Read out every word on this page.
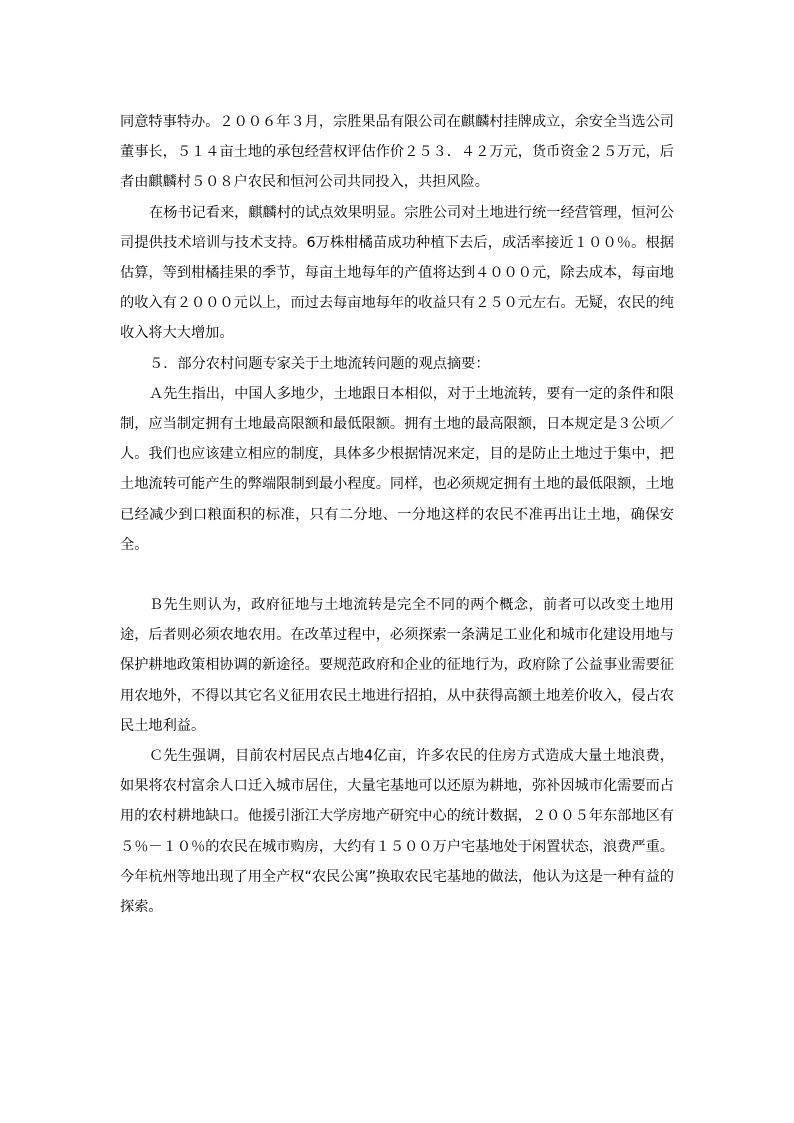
同意特事特办。２００６年３月，宗胜果品有限公司在麒麟村挂牌成立，余安全当选公司董事长，５１４亩土地的承包经营权评估作价２５３．４２万元，货币资金２５万元，后者由麒麟村５０８户农民和恒河公司共同投入，共担风险。

在杨书记看来，麒麟村的试点效果明显。宗胜公司对土地进行统一经营管理，恒河公司提供技术培训与技术支持。6万株柑橘苗成功种植下去后，成活率接近１００％。根据估算，等到柑橘挂果的季节，每亩土地每年的产值将达到４０００元，除去成本，每亩地的收入有２０００元以上，而过去每亩地每年的收益只有２５０元左右。无疑，农民的纯收入将大大增加。

５．部分农村问题专家关于土地流转问题的观点摘要：

Ａ先生指出，中国人多地少，土地跟日本相似，对于土地流转，要有一定的条件和限制，应当制定拥有土地最高限额和最低限额。拥有土地的最高限额，日本规定是３公顷／人。我们也应该建立相应的制度，具体多少根据情况来定，目的是防止土地过于集中，把土地流转可能产生的弊端限制到最小程度。同样，也必须规定拥有土地的最低限额，土地已经减少到口粮面积的标准，只有二分地、一分地这样的农民不准再出让土地，确保安全。

Ｂ先生则认为，政府征地与土地流转是完全不同的两个概念，前者可以改变土地用途，后者则必须农地农用。在改革过程中，必须探索一条满足工业化和城市化建设用地与保护耕地政策相协调的新途径。要规范政府和企业的征地行为，政府除了公益事业需要征用农地外，不得以其它名义征用农民土地进行招拍，从中获得高额土地差价收入，侵占农民土地利益。

Ｃ先生强调，目前农村居民点占地4亿亩，许多农民的住房方式造成大量土地浪费，如果将农村富余人口迁入城市居住，大量宅基地可以还原为耕地，弥补因城市化需要而占用的农村耕地缺口。他援引浙江大学房地产研究中心的统计数据，２００５年东部地区有５％－１０％的农民在城市购房，大约有１５００万户宅基地处于闲置状态，浪费严重。今年杭州等地出现了用全产权“农民公寓”换取农民宅基地的做法，他认为这是一种有益的探索。
